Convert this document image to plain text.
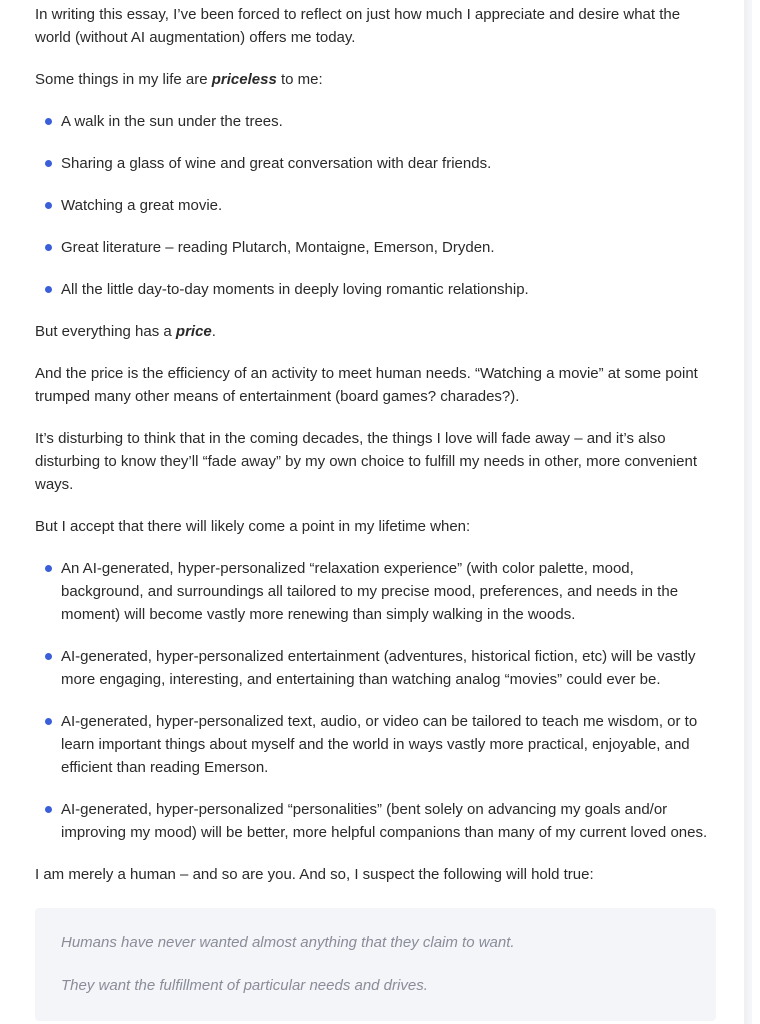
In writing this essay, I’ve been forced to reflect on just how much I appreciate and desire what the world (without AI augmentation) offers me today.

Some things in my life are priceless to me:

A walk in the sun under the trees.
Sharing a glass of wine and great conversation with dear friends.
Watching a great movie.
Great literature – reading Plutarch, Montaigne, Emerson, Dryden.
All the little day-to-day moments in deeply loving romantic relationship.

But everything has a price.

And the price is the efficiency of an activity to meet human needs. “Watching a movie” at some point trumped many other means of entertainment (board games? charades?).

It’s disturbing to think that in the coming decades, the things I love will fade away – and it’s also disturbing to know they’ll “fade away” by my own choice to fulfill my needs in other, more convenient ways.

But I accept that there will likely come a point in my lifetime when:

An AI-generated, hyper-personalized “relaxation experience” (with color palette, mood, background, and surroundings all tailored to my precise mood, preferences, and needs in the moment) will become vastly more renewing than simply walking in the woods.
AI-generated, hyper-personalized entertainment (adventures, historical fiction, etc) will be vastly more engaging, interesting, and entertaining than watching analog “movies” could ever be.
AI-generated, hyper-personalized text, audio, or video can be tailored to teach me wisdom, or to learn important things about myself and the world in ways vastly more practical, enjoyable, and efficient than reading Emerson.
AI-generated, hyper-personalized “personalities” (bent solely on advancing my goals and/or improving my mood) will be better, more helpful companions than many of my current loved ones.

I am merely a human – and so are you. And so, I suspect the following will hold true:

Humans have never wanted almost anything that they claim to want.

They want the fulfillment of particular needs and drives.
